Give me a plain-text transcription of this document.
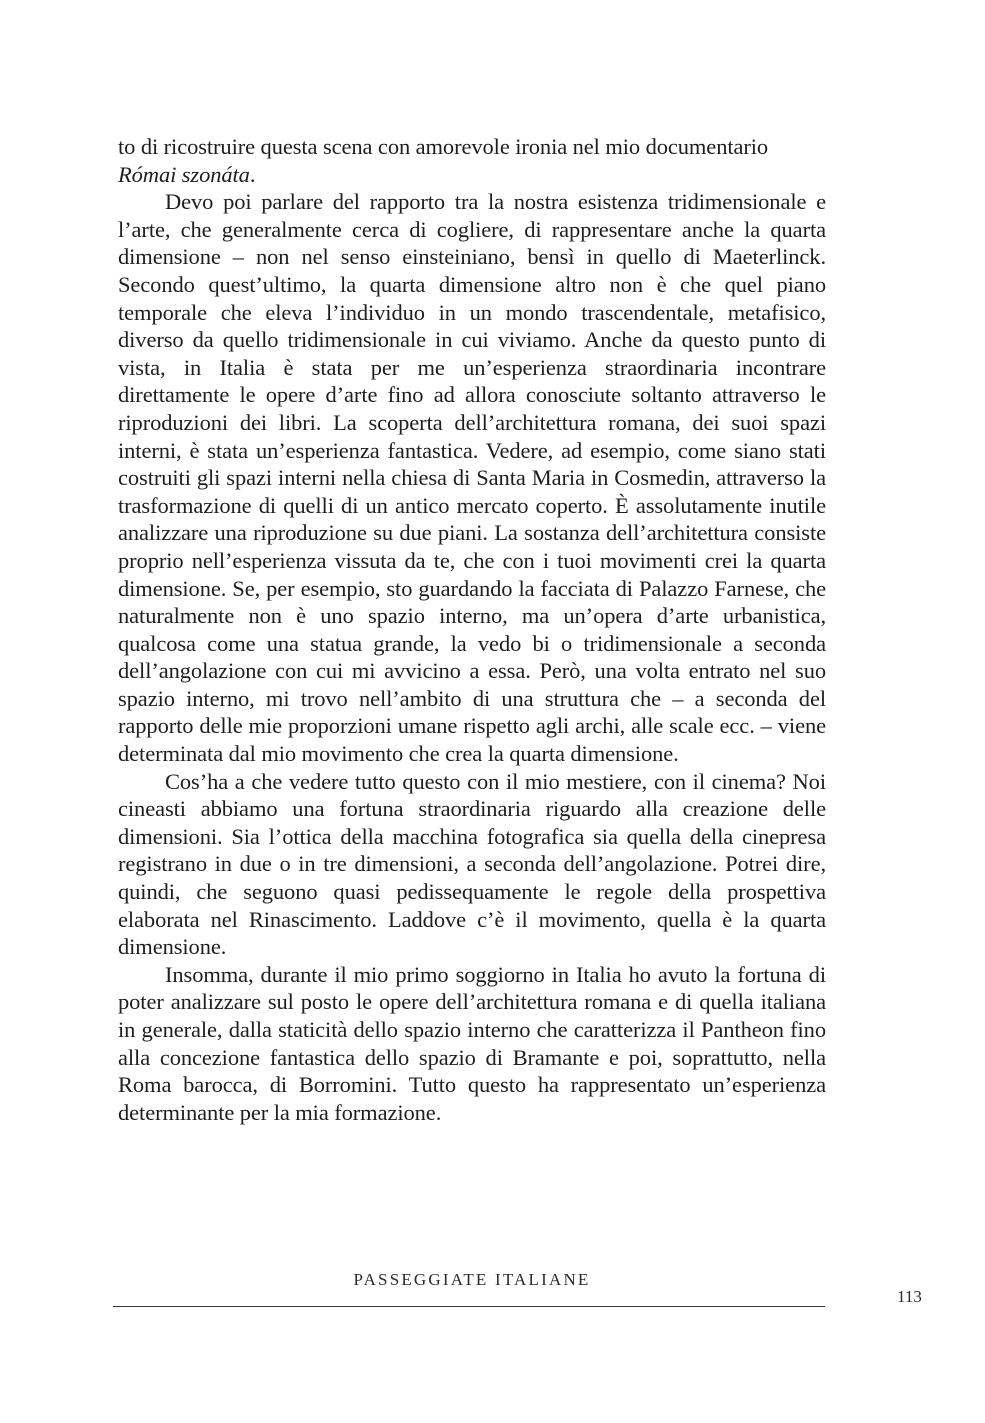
to di ricostruire questa scena con amorevole ironia nel mio documentario
Római szonáta.

Devo poi parlare del rapporto tra la nostra esistenza tridimensionale e l’arte, che generalmente cerca di cogliere, di rappresentare anche la quarta dimensione – non nel senso einsteiniano, bensì in quello di Maeterlinck. Secondo quest’ultimo, la quarta dimensione altro non è che quel piano temporale che eleva l’individuo in un mondo trascendentale, metafisico, diverso da quello tridimensionale in cui viviamo. Anche da questo punto di vista, in Italia è stata per me un’esperienza straordinaria incontrare direttamente le opere d’arte fino ad allora conosciute soltanto attraverso le riproduzioni dei libri. La scoperta dell’architettura romana, dei suoi spazi interni, è stata un’esperienza fantastica. Vedere, ad esempio, come siano stati costruiti gli spazi interni nella chiesa di Santa Maria in Cosmedin, attraverso la trasformazione di quelli di un antico mercato coperto. È assolutamente inutile analizzare una riproduzione su due piani. La sostanza dell’architettura consiste proprio nell’esperienza vissuta da te, che con i tuoi movimenti crei la quarta dimensione. Se, per esempio, sto guardando la facciata di Palazzo Farnese, che naturalmente non è uno spazio interno, ma un’opera d’arte urbanistica, qualcosa come una statua grande, la vedo bi o tridimensionale a seconda dell’angolazione con cui mi avvicino a essa. Però, una volta entrato nel suo spazio interno, mi trovo nell’ambito di una struttura che – a seconda del rapporto delle mie proporzioni umane rispetto agli archi, alle scale ecc. – viene determinata dal mio movimento che crea la quarta dimensione.

Cos’ha a che vedere tutto questo con il mio mestiere, con il cinema? Noi cineasti abbiamo una fortuna straordinaria riguardo alla creazione delle dimensioni. Sia l’ottica della macchina fotografica sia quella della cinepresa registrano in due o in tre dimensioni, a seconda dell’angolazione. Potrei dire, quindi, che seguono quasi pedissequamente le regole della prospettiva elaborata nel Rinascimento. Laddove c’è il movimento, quella è la quarta dimensione.

Insomma, durante il mio primo soggiorno in Italia ho avuto la fortuna di poter analizzare sul posto le opere dell’architettura romana e di quella italiana in generale, dalla staticità dello spazio interno che caratterizza il Pantheon fino alla concezione fantastica dello spazio di Bramante e poi, soprattutto, nella Roma barocca, di Borromini. Tutto questo ha rappresentato un’esperienza determinante per la mia formazione.

PASSEGGIATE ITALIANE
113
